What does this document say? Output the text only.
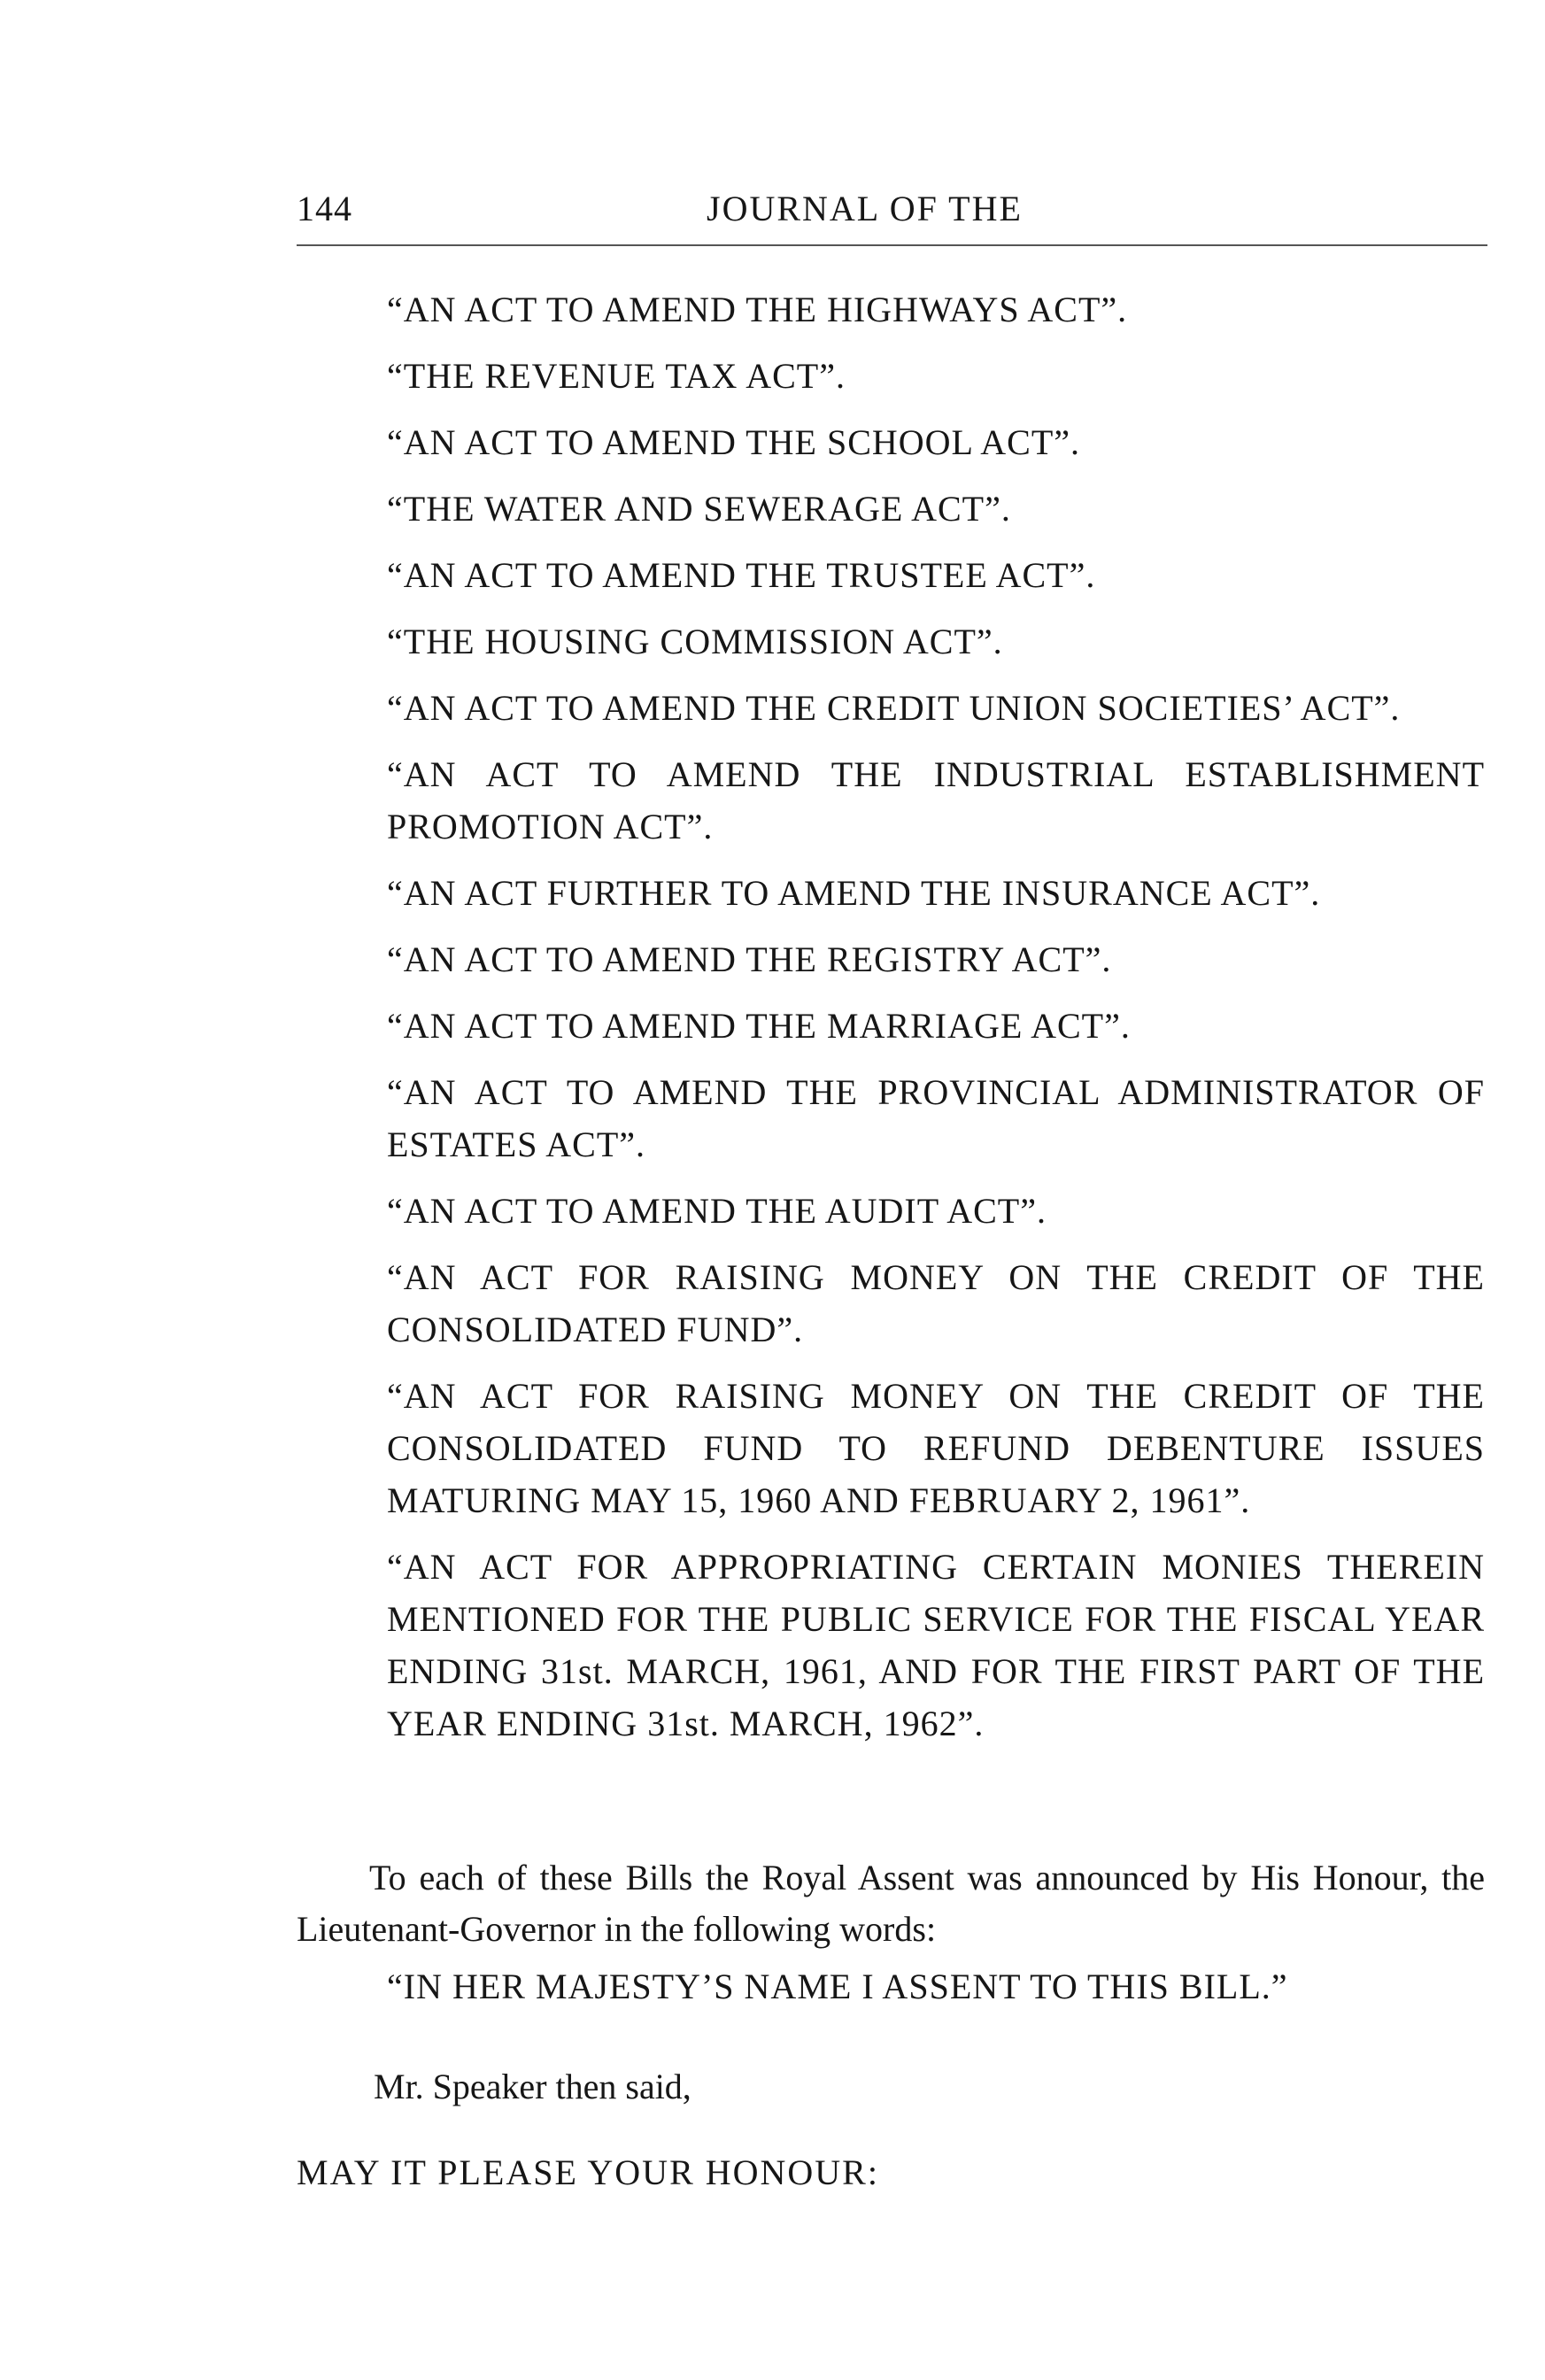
144	JOURNAL OF THE
“AN ACT TO AMEND THE HIGHWAYS ACT”.
“THE REVENUE TAX ACT”.
“AN ACT TO AMEND THE SCHOOL ACT”.
“THE WATER AND SEWERAGE ACT”.
“AN ACT TO AMEND THE TRUSTEE ACT”.
“THE HOUSING COMMISSION ACT”.
“AN ACT TO AMEND THE CREDIT UNION SOCIETIES’ ACT”.
“AN ACT TO AMEND THE INDUSTRIAL ESTABLISHMENT PROMOTION ACT”.
“AN ACT FURTHER TO AMEND THE INSURANCE ACT”.
“AN ACT TO AMEND THE REGISTRY ACT”.
“AN ACT TO AMEND THE MARRIAGE ACT”.
“AN ACT TO AMEND THE PROVINCIAL ADMINISTRATOR OF ESTATES ACT”.
“AN ACT TO AMEND THE AUDIT ACT”.
“AN ACT FOR RAISING MONEY ON THE CREDIT OF THE CONSOLIDATED FUND”.
“AN ACT FOR RAISING MONEY ON THE CREDIT OF THE CONSOLIDATED FUND TO REFUND DEBENTURE ISSUES MATURING MAY 15, 1960 AND FEBRUARY 2, 1961”.
“AN ACT FOR APPROPRIATING CERTAIN MONIES THEREIN MENTIONED FOR THE PUBLIC SERVICE FOR THE FISCAL YEAR ENDING 31st. MARCH, 1961, AND FOR THE FIRST PART OF THE YEAR ENDING 31st. MARCH, 1962”.

To each of these Bills the Royal Assent was announced by His Honour, the Lieutenant-Governor in the following words:

“IN HER MAJESTY’S NAME I ASSENT TO THIS BILL.”

Mr. Speaker then said,

MAY IT PLEASE YOUR HONOUR:
